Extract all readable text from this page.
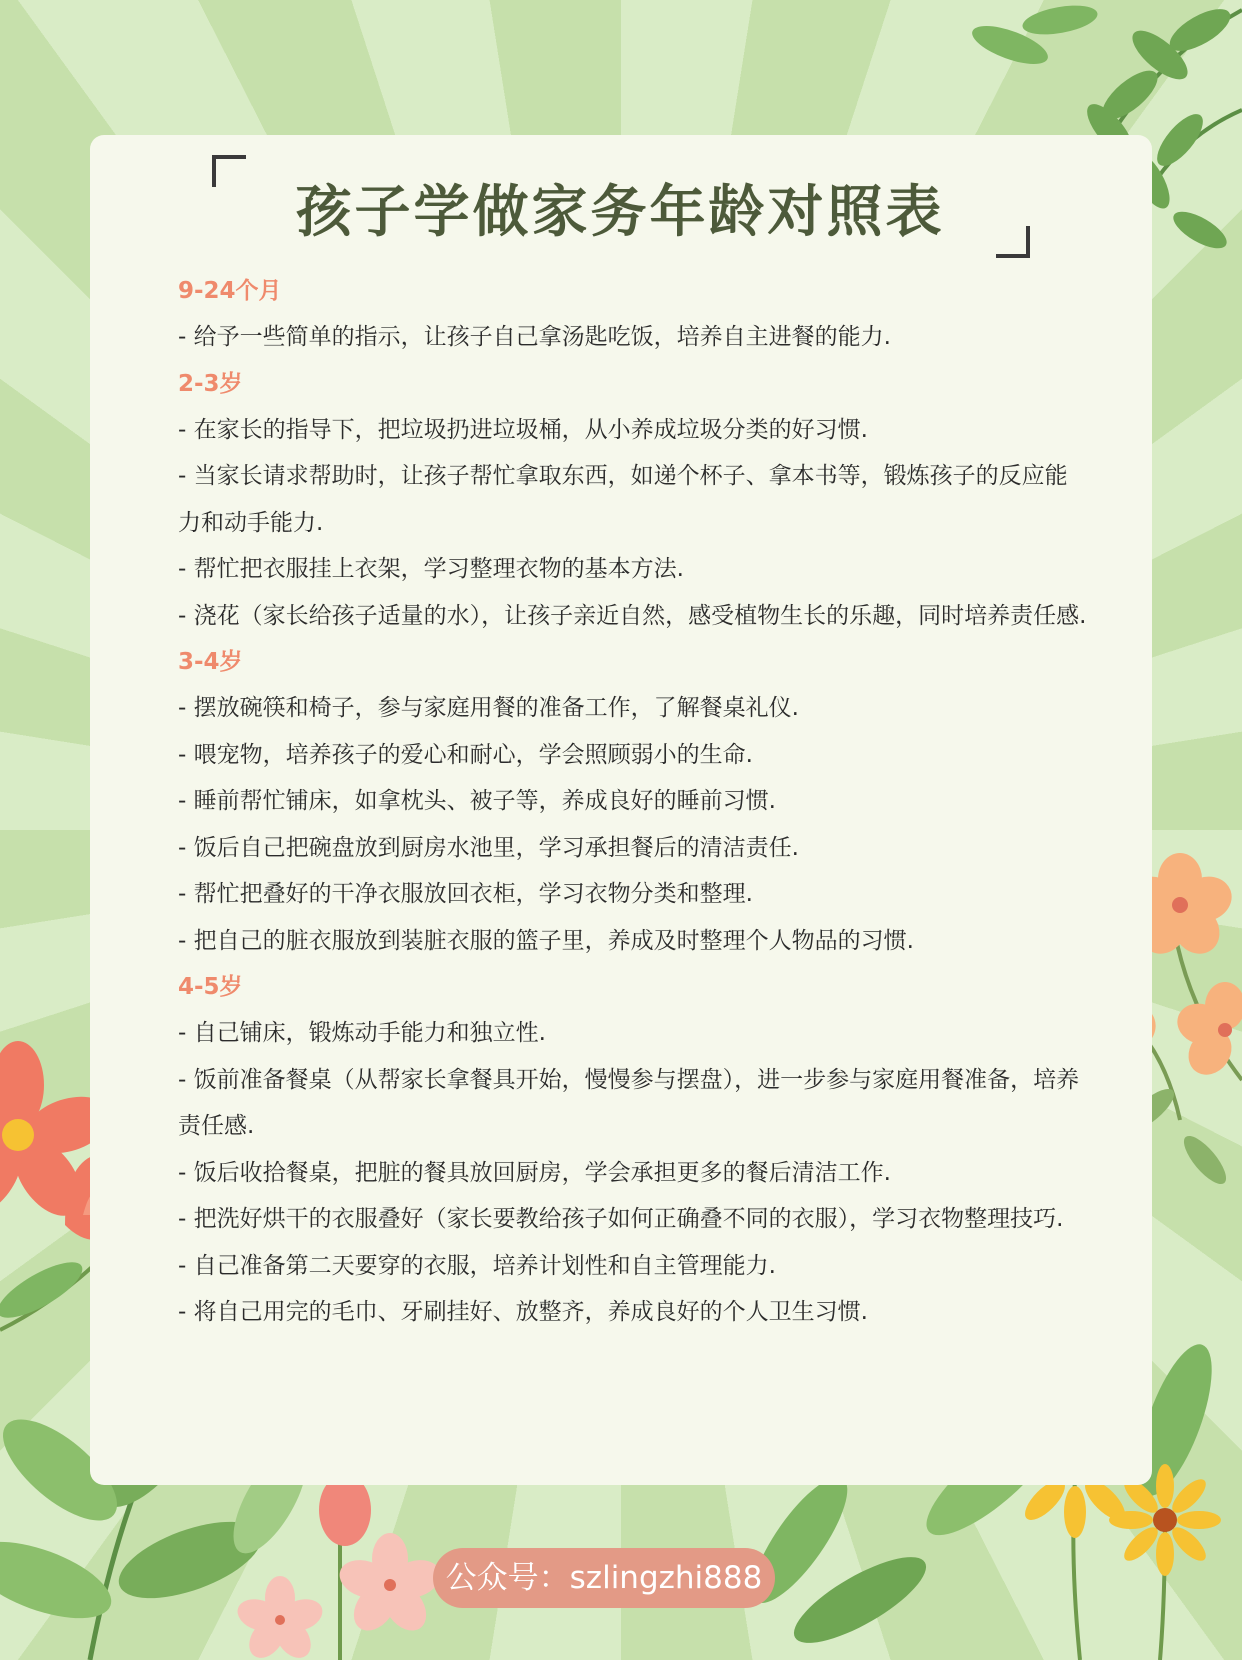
孩子学做家务年龄对照表
9-24个月
- 给予一些简单的指示，让孩子自己拿汤匙吃饭，培养自主进餐的能力.
2-3岁
- 在家长的指导下，把垃圾扔进垃圾桶，从小养成垃圾分类的好习惯.
- 当家长请求帮助时，让孩子帮忙拿取东西，如递个杯子、拿本书等，锻炼孩子的反应能力和动手能力.
- 帮忙把衣服挂上衣架，学习整理衣物的基本方法.
- 浇花（家长给孩子适量的水），让孩子亲近自然，感受植物生长的乐趣，同时培养责任感.
3-4岁
- 摆放碗筷和椅子，参与家庭用餐的准备工作，了解餐桌礼仪.
- 喂宠物，培养孩子的爱心和耐心，学会照顾弱小的生命.
- 睡前帮忙铺床，如拿枕头、被子等，养成良好的睡前习惯.
- 饭后自己把碗盘放到厨房水池里，学习承担餐后的清洁责任.
- 帮忙把叠好的干净衣服放回衣柜，学习衣物分类和整理.
- 把自己的脏衣服放到装脏衣服的篮子里，养成及时整理个人物品的习惯.
4-5岁
- 自己铺床，锻炼动手能力和独立性.
- 饭前准备餐桌（从帮家长拿餐具开始，慢慢参与摆盘），进一步参与家庭用餐准备，培养责任感.
- 饭后收拾餐桌，把脏的餐具放回厨房，学会承担更多的餐后清洁工作.
- 把洗好烘干的衣服叠好（家长要教给孩子如何正确叠不同的衣服），学习衣物整理技巧.
- 自己准备第二天要穿的衣服，培养计划性和自主管理能力.
- 将自己用完的毛巾、牙刷挂好、放整齐，养成良好的个人卫生习惯.
公众号：szlingzhi888
